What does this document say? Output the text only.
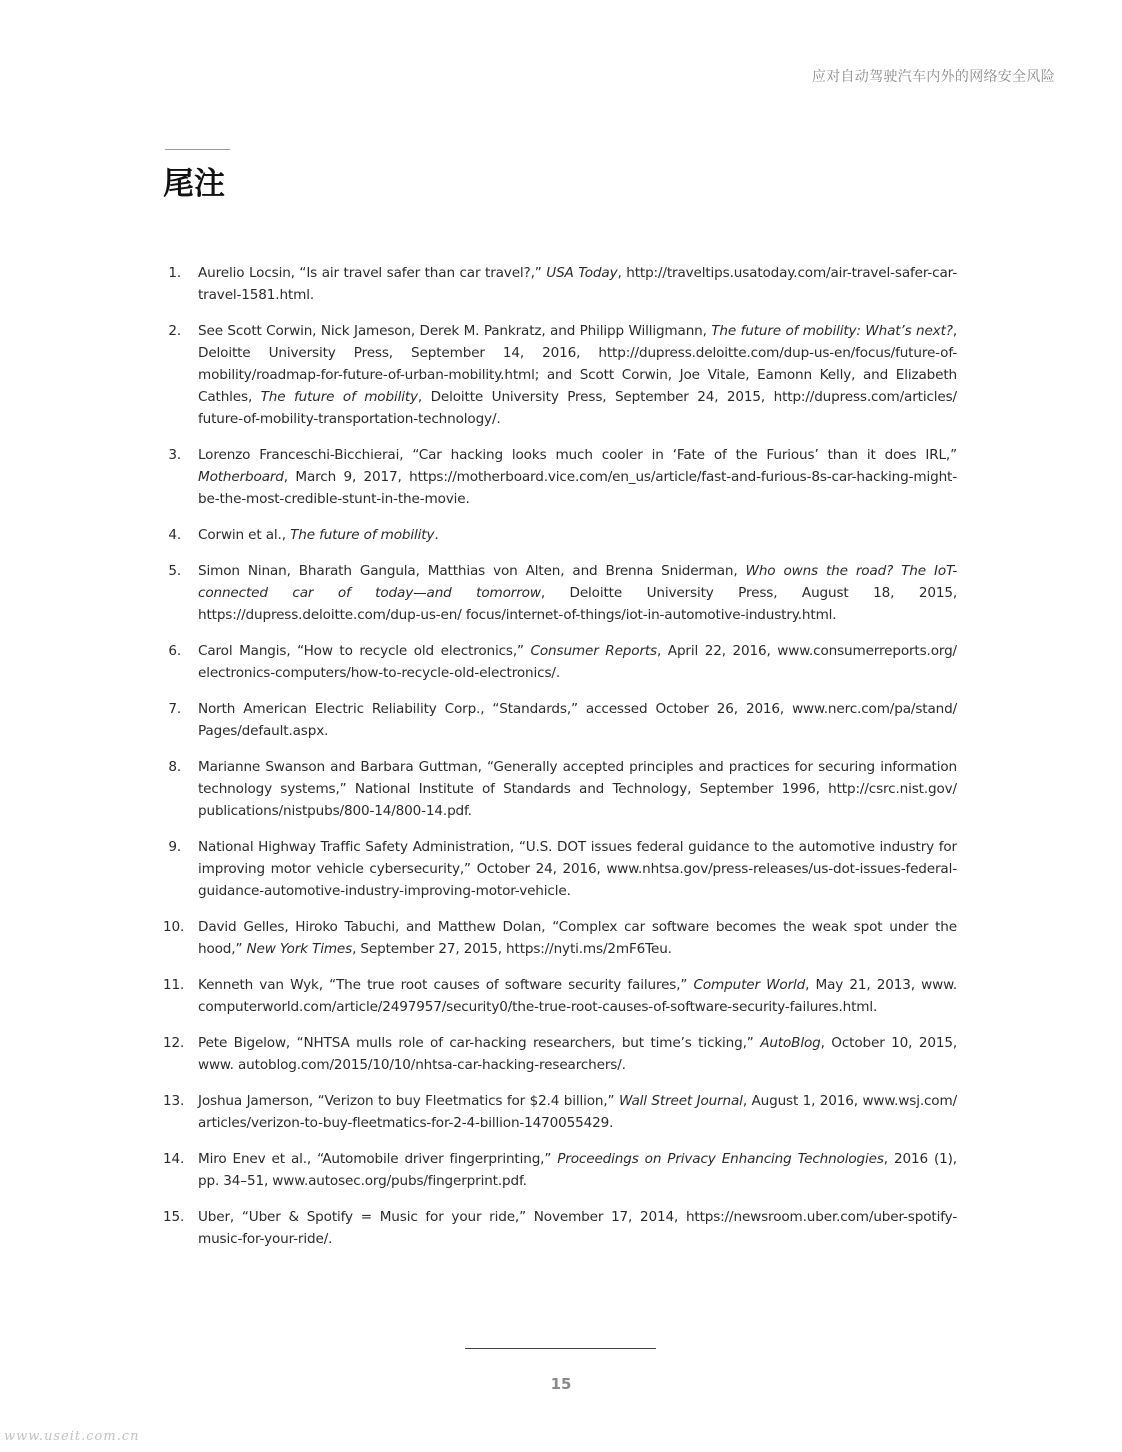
应对自动驾驶汽车内外的网络安全风险
尾注
1. Aurelio Locsin, “Is air travel safer than car travel?,” USA Today, http://traveltips.usatoday.com/air-travel-safer-car-travel-1581.html.
2. See Scott Corwin, Nick Jameson, Derek M. Pankratz, and Philipp Willigmann, The future of mobility: What’s next?, Deloitte University Press, September 14, 2016, http://dupress.deloitte.com/dup-us-en/focus/future-of-mobility/roadmap-for-future-of-urban-mobility.html; and Scott Corwin, Joe Vitale, Eamonn Kelly, and Elizabeth Cathles, The future of mobility, Deloitte University Press, September 24, 2015, http://dupress.com/articles/ future-of-mobility-transportation-technology/.
3. Lorenzo Franceschi-Bicchierai, “Car hacking looks much cooler in ‘Fate of the Furious’ than it does IRL,” Motherboard, March 9, 2017, https://motherboard.vice.com/en_us/article/fast-and-furious-8s-car-hacking-might-be-the-most-credible-stunt-in-the-movie.
4. Corwin et al., The future of mobility.
5. Simon Ninan, Bharath Gangula, Matthias von Alten, and Brenna Sniderman, Who owns the road? The IoT-connected car of today—and tomorrow, Deloitte University Press, August 18, 2015, https://dupress.deloitte.com/dup-us-en/ focus/internet-of-things/iot-in-automotive-industry.html.
6. Carol Mangis, “How to recycle old electronics,” Consumer Reports, April 22, 2016, www.consumerreports.org/ electronics-computers/how-to-recycle-old-electronics/.
7. North American Electric Reliability Corp., “Standards,” accessed October 26, 2016, www.nerc.com/pa/stand/ Pages/default.aspx.
8. Marianne Swanson and Barbara Guttman, “Generally accepted principles and practices for securing information technology systems,” National Institute of Standards and Technology, September 1996, http://csrc.nist.gov/ publications/nistpubs/800-14/800-14.pdf.
9. National Highway Traffic Safety Administration, “U.S. DOT issues federal guidance to the automotive industry for improving motor vehicle cybersecurity,” October 24, 2016, www.nhtsa.gov/press-releases/us-dot-issues-federal-guidance-automotive-industry-improving-motor-vehicle.
10. David Gelles, Hiroko Tabuchi, and Matthew Dolan, “Complex car software becomes the weak spot under the hood,” New York Times, September 27, 2015, https://nyti.ms/2mF6Teu.
11. Kenneth van Wyk, “The true root causes of software security failures,” Computer World, May 21, 2013, www. computerworld.com/article/2497957/security0/the-true-root-causes-of-software-security-failures.html.
12. Pete Bigelow, “NHTSA mulls role of car-hacking researchers, but time’s ticking,” AutoBlog, October 10, 2015, www. autoblog.com/2015/10/10/nhtsa-car-hacking-researchers/.
13. Joshua Jamerson, “Verizon to buy Fleetmatics for $2.4 billion,” Wall Street Journal, August 1, 2016, www.wsj.com/ articles/verizon-to-buy-fleetmatics-for-2-4-billion-1470055429.
14. Miro Enev et al., “Automobile driver fingerprinting,” Proceedings on Privacy Enhancing Technologies, 2016 (1), pp. 34–51, www.autosec.org/pubs/fingerprint.pdf.
15. Uber, “Uber & Spotify = Music for your ride,” November 17, 2014, https://newsroom.uber.com/uber-spotify-music-for-your-ride/.
15
www.useit.com.cn
